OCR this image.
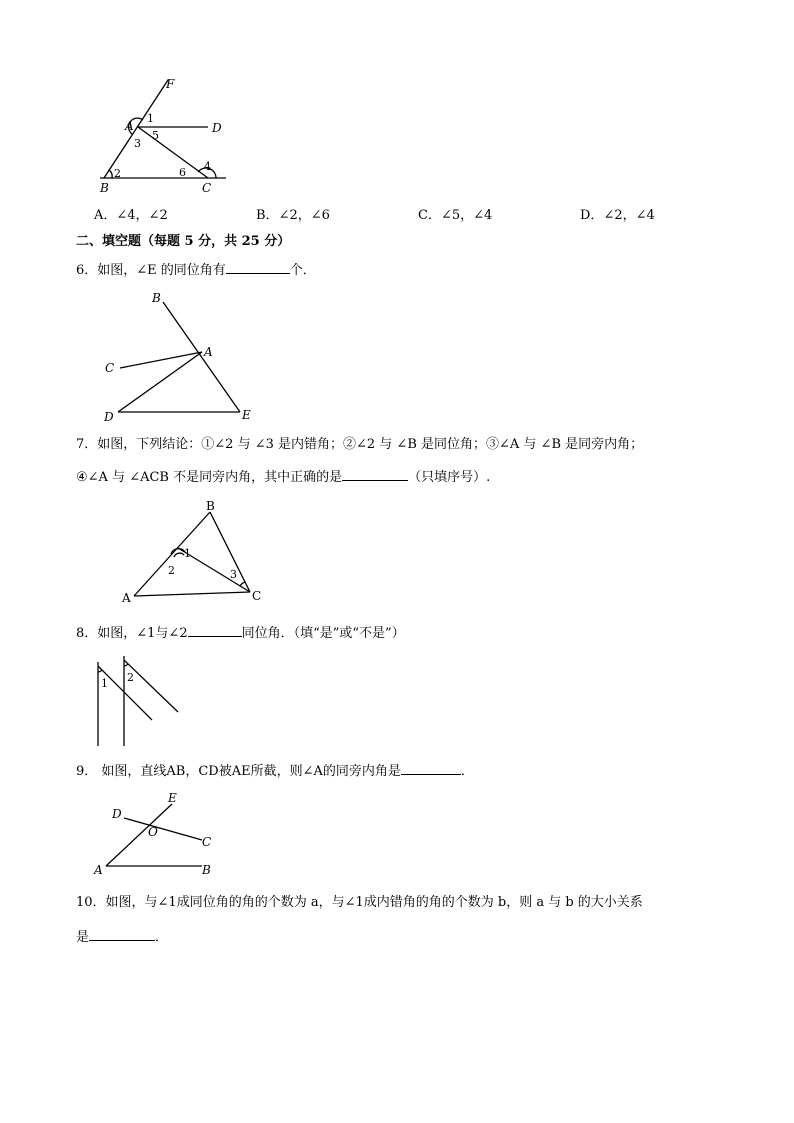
F
A	D
B	C
1
2
3
4
5
6
A．∠4，∠2	B．∠2，∠6	C．∠5，∠4	D．∠2，∠4
二、填空题（每题 5 分，共 25 分）
6．如图，∠E 的同位角有	个．
B
A
C
D	E
7．如图，下列结论：①∠2 与 ∠3 是内错角；②∠2 与 ∠B 是同位角；③∠A 与 ∠B 是同旁内角；
④∠A 与 ∠ACB 不是同旁内角，其中正确的是	（只填序号）.
B
A	C
1
2	3
8．如图，∠1与∠2	同位角．（填“是”或“不是”）
1 2
9． 如图，直线AB，CD被AE所截，则∠A的同旁内角是	．
D
E
O
C
A	B
10．如图，与∠1成同位角的角的个数为 a，与∠1成内错角的角的个数为 b，则 a 与 b 的大小关系
是	．
